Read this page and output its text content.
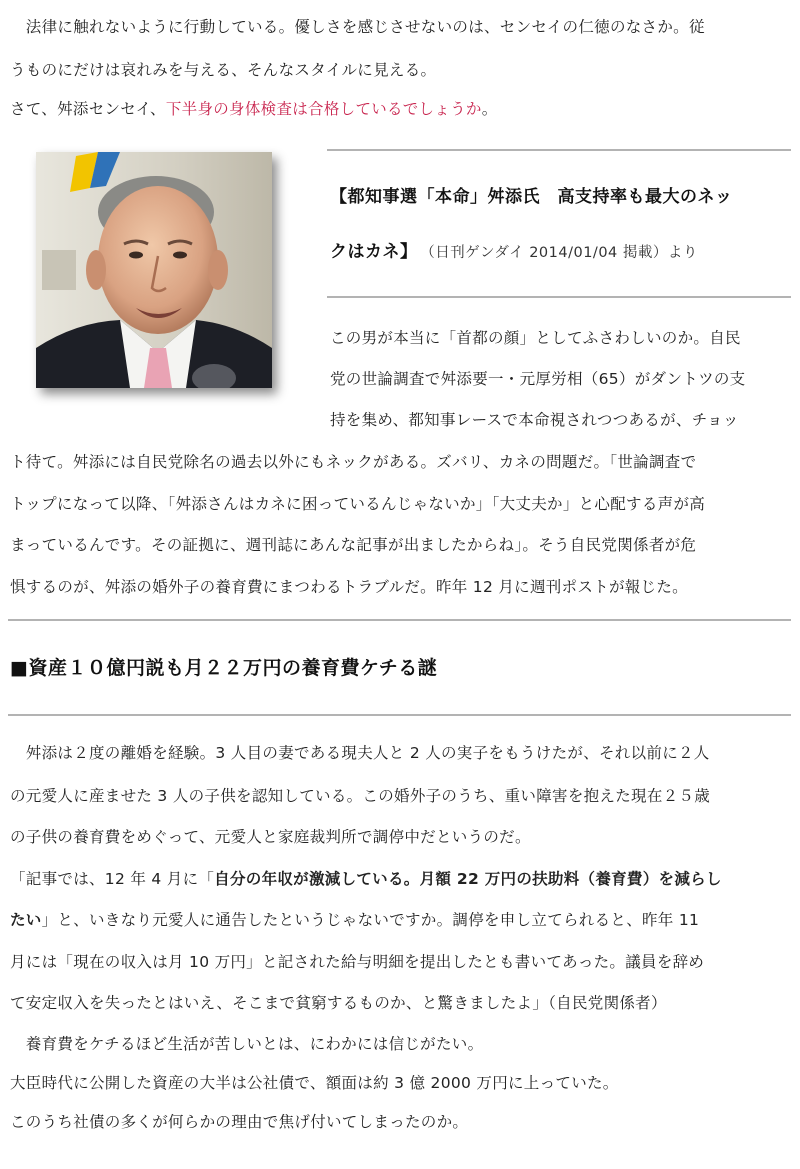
　法律に触れないように行動している。優しさを感じさせないのは、センセイの仁徳のなさか。従
うものにだけは哀れみを与える、そんなスタイルに見える。
さて、舛添センセイ、下半身の身体検査は合格しているでしょうか。
【都知事選「本命」舛添氏　高支持率も最大のネッ
クはカネ】 （日刊ゲンダイ 2014/01/04 掲載）より
この男が本当に「首都の顔」としてふさわしいのか。自民
党の世論調査で舛添要一・元厚労相（65）がダントツの支
持を集め、都知事レースで本命視されつつあるが、チョッ
ト待て。舛添には自民党除名の過去以外にもネックがある。ズバリ、カネの問題だ。「世論調査で
トップになって以降、「舛添さんはカネに困っているんじゃないか」「大丈夫か」と心配する声が高
まっているんです。その証拠に、週刊誌にあんな記事が出ましたからね」。そう自民党関係者が危
惧するのが、舛添の婚外子の養育費にまつわるトラブルだ。昨年 12 月に週刊ポストが報じた。
■資産１０億円説も月２２万円の養育費ケチる謎
　舛添は２度の離婚を経験。3 人目の妻である現夫人と 2 人の実子をもうけたが、それ以前に２人
の元愛人に産ませた 3 人の子供を認知している。この婚外子のうち、重い障害を抱えた現在２５歳
の子供の養育費をめぐって、元愛人と家庭裁判所で調停中だというのだ。
「記事では、12 年 4 月に「自分の年収が激減している。月額 22 万円の扶助料（養育費）を減らし
たい」と、いきなり元愛人に通告したというじゃないですか。調停を申し立てられると、昨年 11
月には「現在の収入は月 10 万円」と記された給与明細を提出したとも書いてあった。議員を辞め
て安定収入を失ったとはいえ、そこまで貧窮するものか、と驚きましたよ」（自民党関係者）
　養育費をケチるほど生活が苦しいとは、にわかには信じがたい。
大臣時代に公開した資産の大半は公社債で、額面は約 3 億 2000 万円に上っていた。
このうち社債の多くが何らかの理由で焦げ付いてしまったのか。
